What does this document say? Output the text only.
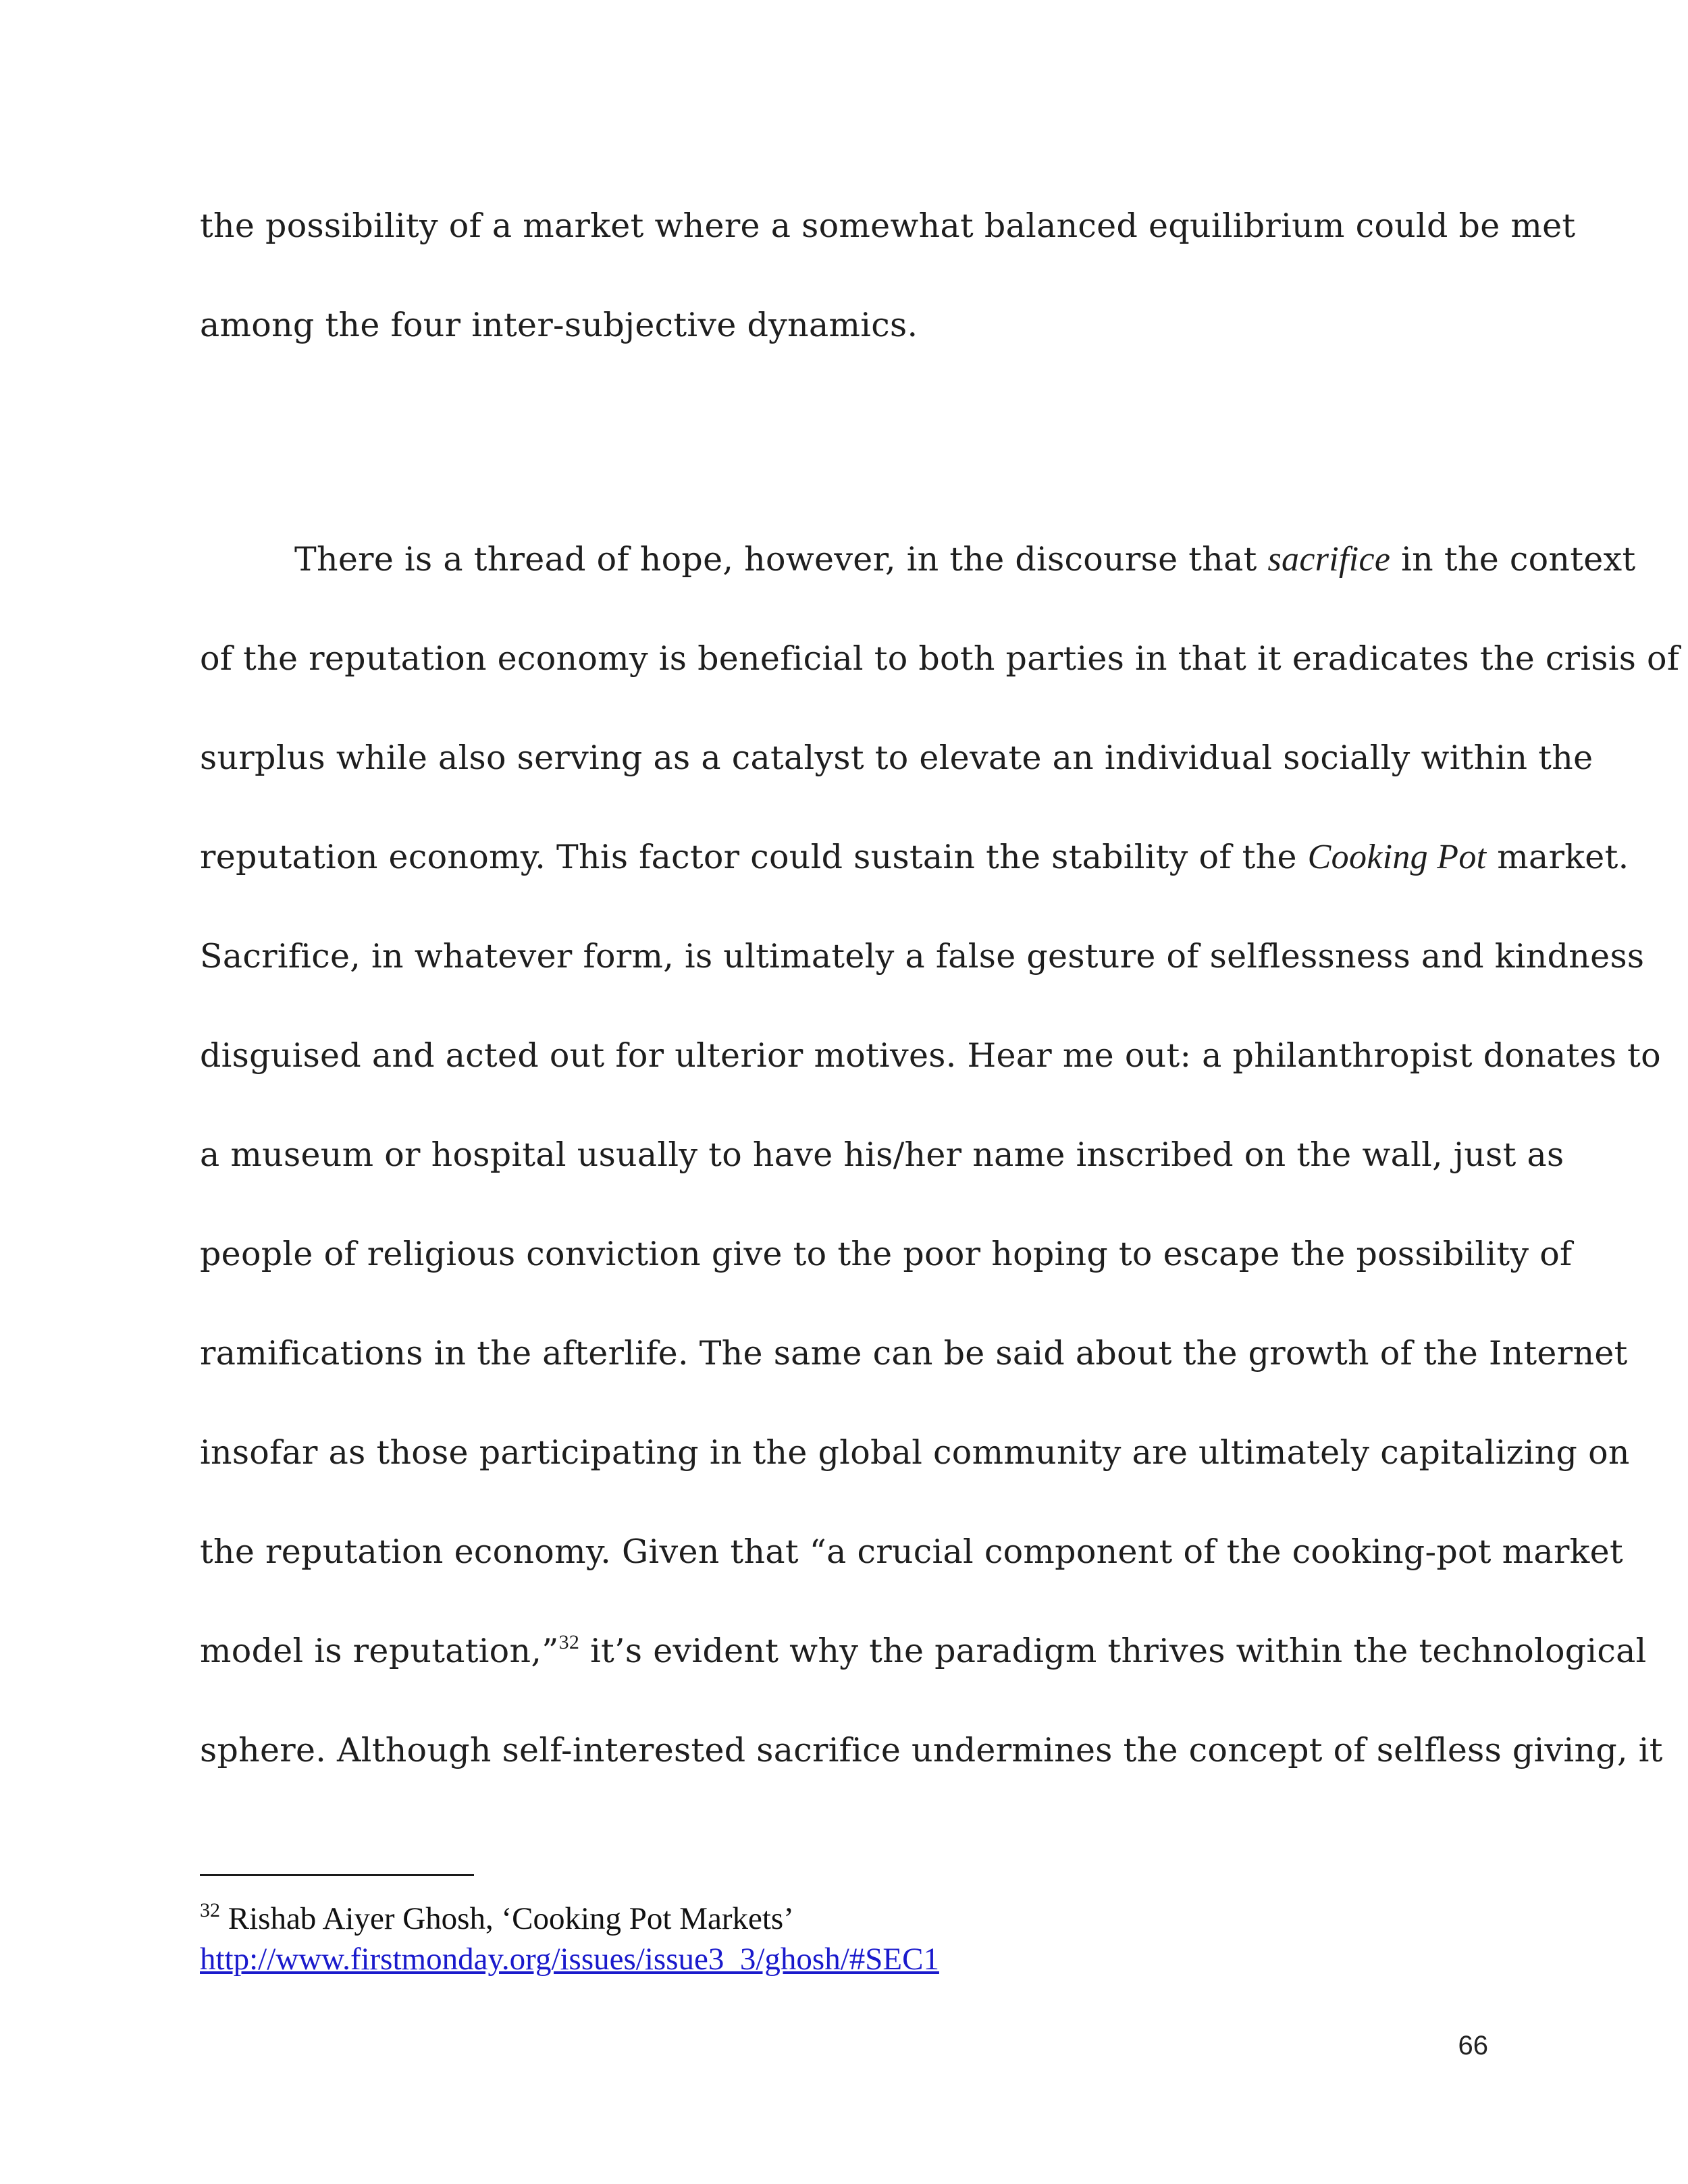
the possibility of a market where a somewhat balanced equilibrium could be met
among the four inter-subjective dynamics.
There is a thread of hope, however, in the discourse that sacrifice in the context
of the reputation economy is beneficial to both parties in that it eradicates the crisis of
surplus while also serving as a catalyst to elevate an individual socially within the
reputation economy. This factor could sustain the stability of the Cooking Pot market.
Sacrifice, in whatever form, is ultimately a false gesture of selflessness and kindness
disguised and acted out for ulterior motives. Hear me out: a philanthropist donates to
a museum or hospital usually to have his/her name inscribed on the wall, just as
people of religious conviction give to the poor hoping to escape the possibility of
ramifications in the afterlife. The same can be said about the growth of the Internet
insofar as those participating in the global community are ultimately capitalizing on
the reputation economy. Given that “a crucial component of the cooking-pot market
model is reputation,”$^{32}$ it’s evident why the paradigm thrives within the technological
sphere. Although self-interested sacrifice undermines the concept of selfless giving, it
$^{32}$ Rishab Aiyer Ghosh, ‘Cooking Pot Markets’
http://www.firstmonday.org/issues/issue3_3/ghosh/#SEC1
66
